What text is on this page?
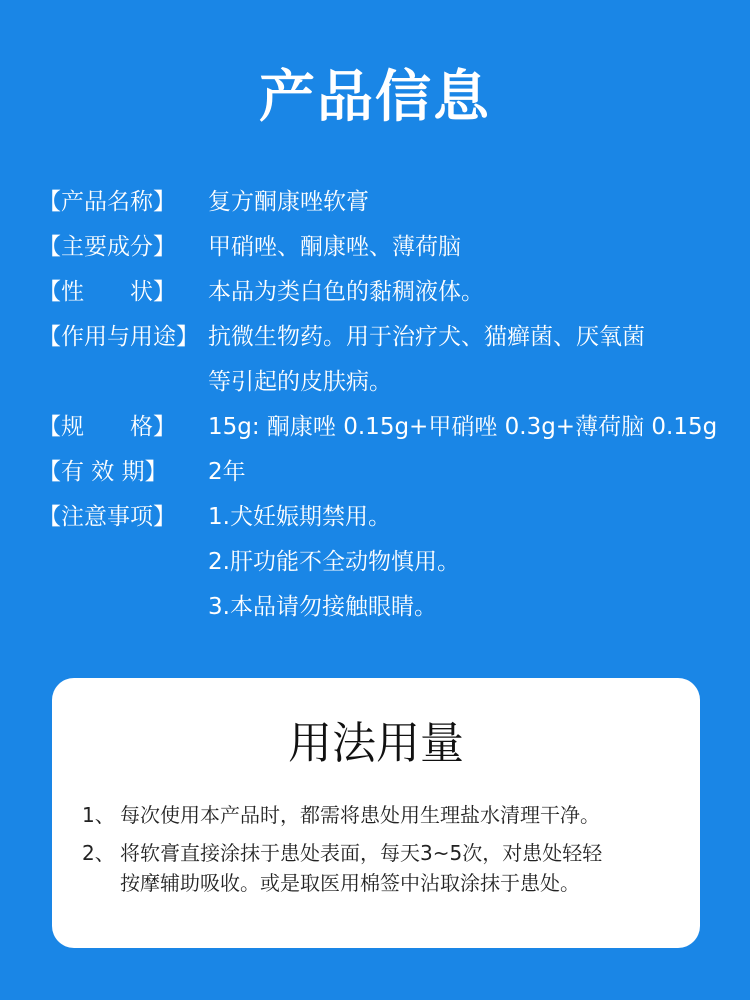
产品信息
【产品名称】	复方酮康唑软膏
【主要成分】	甲硝唑、酮康唑、薄荷脑
【性　　状】	本品为类白色的黏稠液体。
【作用与用途】 抗微生物药。用于治疗犬、猫癣菌、厌氧菌
等引起的皮肤病。
【规　　格】	15g: 酮康唑 0.15g+甲硝唑 0.3g+薄荷脑 0.15g
【有 效 期】	2年
【注意事项】	1.犬妊娠期禁用。
2.肝功能不全动物慎用。
3.本品请勿接触眼睛。
用法用量
1、 每次使用本产品时，都需将患处用生理盐水清理干净。
2、 将软膏直接涂抹于患处表面，每天3~5次，对患处轻轻
按摩辅助吸收。或是取医用棉签中沾取涂抹于患处。
